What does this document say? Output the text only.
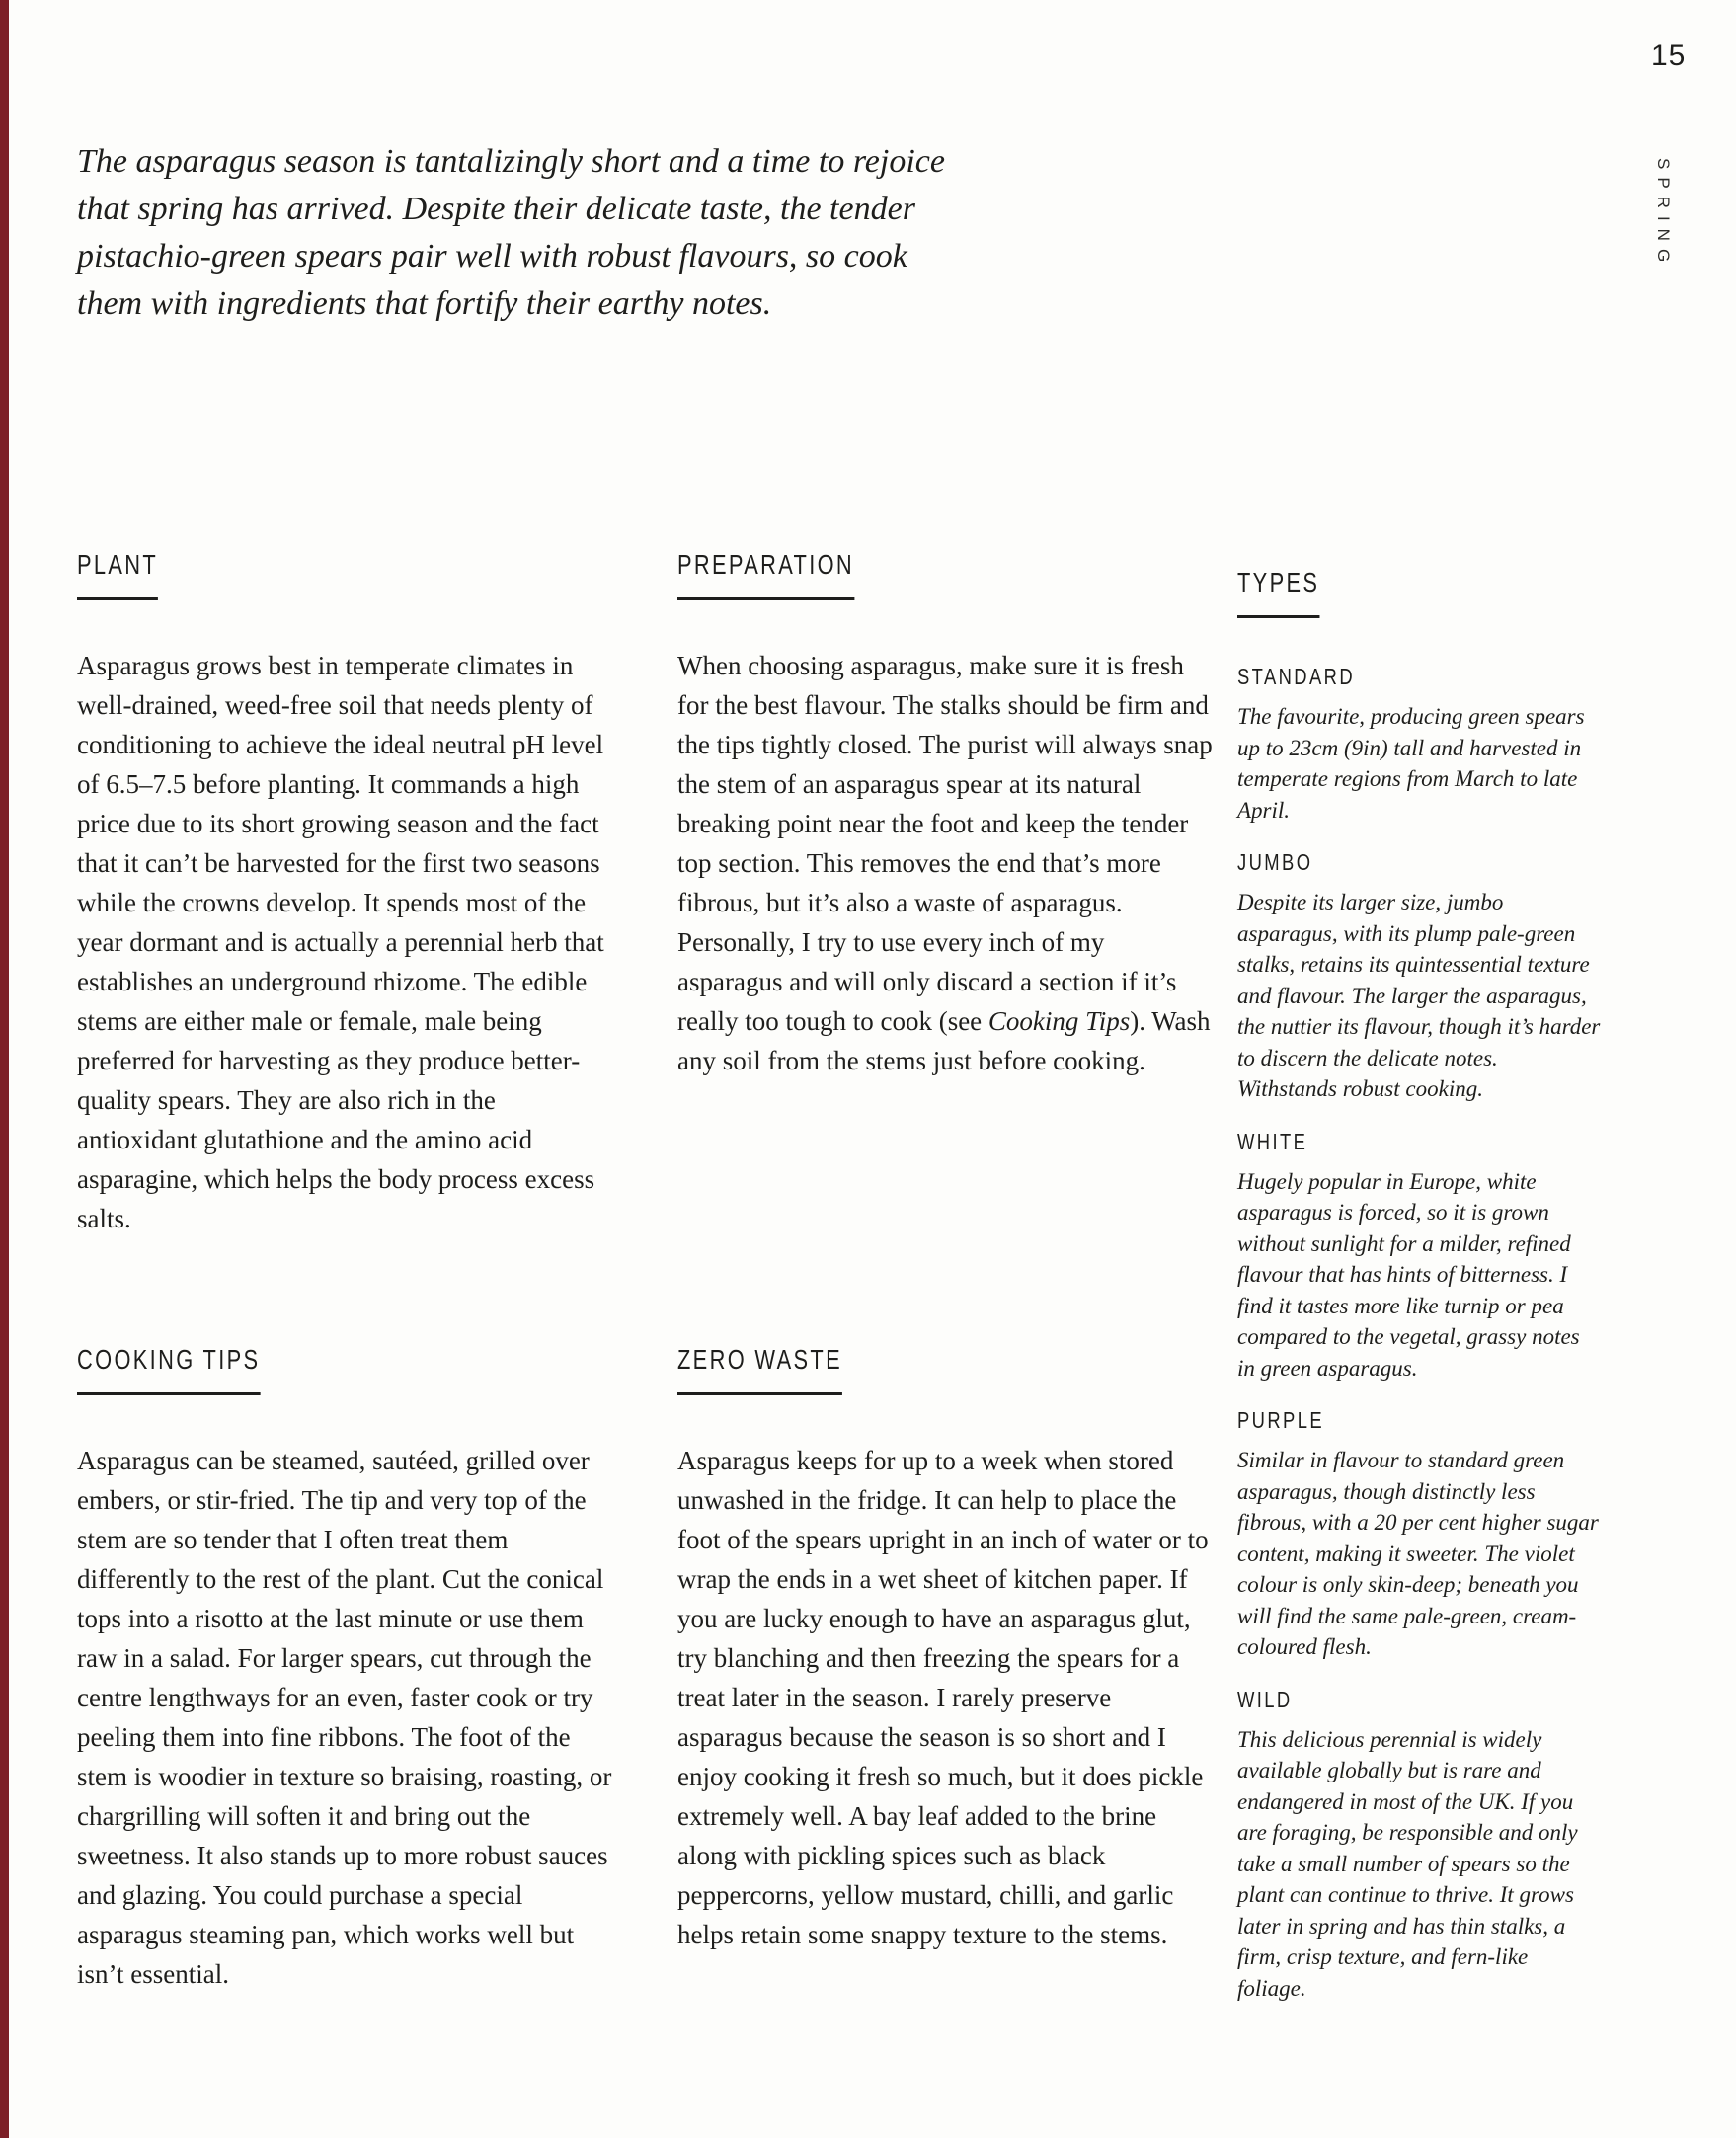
15
SPRING
The asparagus season is tantalizingly short and a time to rejoice that spring has arrived. Despite their delicate taste, the tender pistachio-green spears pair well with robust flavours, so cook them with ingredients that fortify their earthy notes.
PLANT

Asparagus grows best in temperate climates in well-drained, weed-free soil that needs plenty of conditioning to achieve the ideal neutral pH level of 6.5–7.5 before planting. It commands a high price due to its short growing season and the fact that it can’t be harvested for the first two seasons while the crowns develop. It spends most of the year dormant and is actually a perennial herb that establishes an underground rhizome. The edible stems are either male or female, male being preferred for harvesting as they produce better-quality spears. They are also rich in the antioxidant glutathione and the amino acid asparagine, which helps the body process excess salts.

COOKING TIPS

Asparagus can be steamed, sautéed, grilled over embers, or stir-fried. The tip and very top of the stem are so tender that I often treat them differently to the rest of the plant. Cut the conical tops into a risotto at the last minute or use them raw in a salad. For larger spears, cut through the centre lengthways for an even, faster cook or try peeling them into fine ribbons. The foot of the stem is woodier in texture so braising, roasting, or chargrilling will soften it and bring out the sweetness. It also stands up to more robust sauces and glazing. You could purchase a special asparagus steaming pan, which works well but isn’t essential.

PREPARATION

When choosing asparagus, make sure it is fresh for the best flavour. The stalks should be firm and the tips tightly closed. The purist will always snap the stem of an asparagus spear at its natural breaking point near the foot and keep the tender top section. This removes the end that’s more fibrous, but it’s also a waste of asparagus. Personally, I try to use every inch of my asparagus and will only discard a section if it’s really too tough to cook (see Cooking Tips). Wash any soil from the stems just before cooking.

ZERO WASTE

Asparagus keeps for up to a week when stored unwashed in the fridge. It can help to place the foot of the spears upright in an inch of water or to wrap the ends in a wet sheet of kitchen paper. If you are lucky enough to have an asparagus glut, try blanching and then freezing the spears for a treat later in the season. I rarely preserve asparagus because the season is so short and I enjoy cooking it fresh so much, but it does pickle extremely well. A bay leaf added to the brine along with pickling spices such as black peppercorns, yellow mustard, chilli, and garlic helps retain some snappy texture to the stems.

TYPES
STANDARD

The favourite, producing green spears up to 23cm (9in) tall and harvested in temperate regions from March to late April.

JUMBO

Despite its larger size, jumbo asparagus, with its plump pale-green stalks, retains its quintessential texture and flavour. The larger the asparagus, the nuttier its flavour, though it’s harder to discern the delicate notes. Withstands robust cooking.

WHITE

Hugely popular in Europe, white asparagus is forced, so it is grown without sunlight for a milder, refined flavour that has hints of bitterness. I find it tastes more like turnip or pea compared to the vegetal, grassy notes in green asparagus.

PURPLE

Similar in flavour to standard green asparagus, though distinctly less fibrous, with a 20 per cent higher sugar content, making it sweeter. The violet colour is only skin-deep; beneath you will find the same pale-green, cream-coloured flesh.

WILD

This delicious perennial is widely available globally but is rare and endangered in most of the UK. If you are foraging, be responsible and only take a small number of spears so the plant can continue to thrive. It grows later in spring and has thin stalks, a firm, crisp texture, and fern-like foliage.
